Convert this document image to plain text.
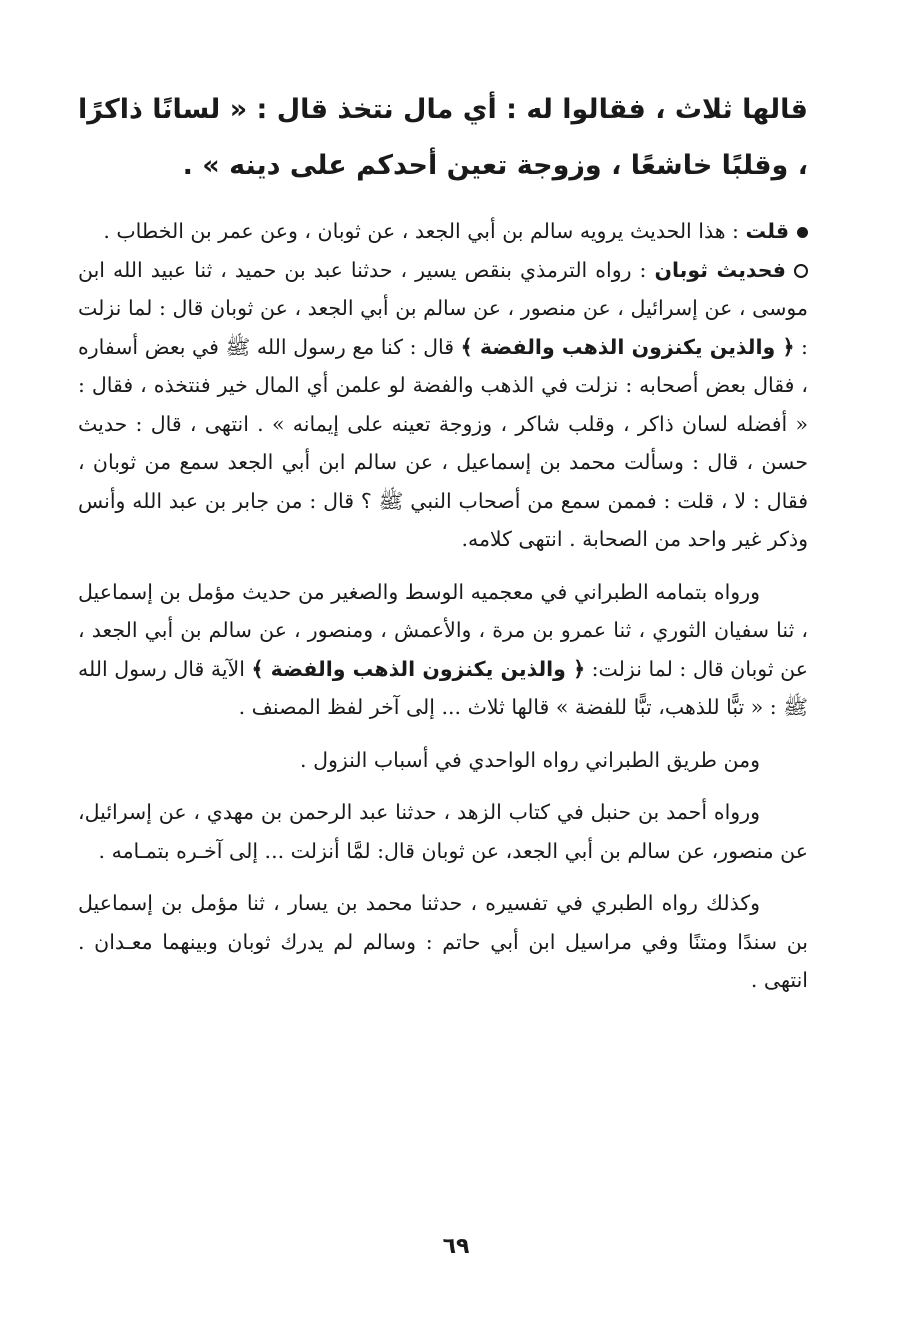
قالها ثلاث ، فقالوا له : أي مال نتخذ قال : « لسانًا ذاكرًا ، وقلبًا خاشعًا ، وزوجة تعين أحدكم على دينه » .

قلت : هذا الحديث يرويه سالم بن أبي الجعد ، عن ثوبان ، وعن عمر بن الخطاب .

فحديث ثوبان : رواه الترمذي بنقص يسير ، حدثنا عبد بن حميد ، ثنا عبيد الله ابن موسى ، عن إسرائيل ، عن منصور ، عن سالم بن أبي الجعد ، عن ثوبان قال : لما نزلت : ﴿ والذين يكنزون الذهب والفضة ﴾ قال : كنا مع رسول الله ﷺ في بعض أسفاره ، فقال بعض أصحابه : نزلت في الذهب والفضة لو علمن أي المال خير فنتخذه ، فقال : « أفضله لسان ذاكر ، وقلب شاكر ، وزوجة تعينه على إيمانه » . انتهى ، قال : حديث حسن ، قال : وسألت محمد بن إسماعيل ، عن سالم ابن أبي الجعد سمع من ثوبان ، فقال : لا ، قلت : فممن سمع من أصحاب النبي ﷺ ؟ قال : من جابر بن عبد الله وأنس وذكر غير واحد من الصحابة . انتهى كلامه.

ورواه بتمامه الطبراني في معجميه الوسط والصغير من حديث مؤمل بن إسماعيل ، ثنا سفيان الثوري ، ثنا عمرو بن مرة ، والأعمش ، ومنصور ، عن سالم بن أبي الجعد ، عن ثوبان قال : لما نزلت: ﴿ والذين يكنزون الذهب والفضة ﴾ الآية قال رسول الله ﷺ : « تبًّا للذهب، تبًّا للفضة » قالها ثلاث ... إلى آخر لفظ المصنف .

ومن طريق الطبراني رواه الواحدي في أسباب النزول .

ورواه أحمد بن حنبل في كتاب الزهد ، حدثنا عبد الرحمن بن مهدي ، عن إسرائيل، عن منصور، عن سالم بن أبي الجعد، عن ثوبان قال: لمَّا أنزلت ... إلى آخـره بتمـامه .

وكذلك رواه الطبري في تفسيره ، حدثنا محمد بن يسار ، ثنا مؤمل بن إسماعيل بن سندًا ومتنًا وفي مراسيل ابن أبي حاتم : وسالم لم يدرك ثوبان وبينهما معـدان . انتهى .

٦٩
